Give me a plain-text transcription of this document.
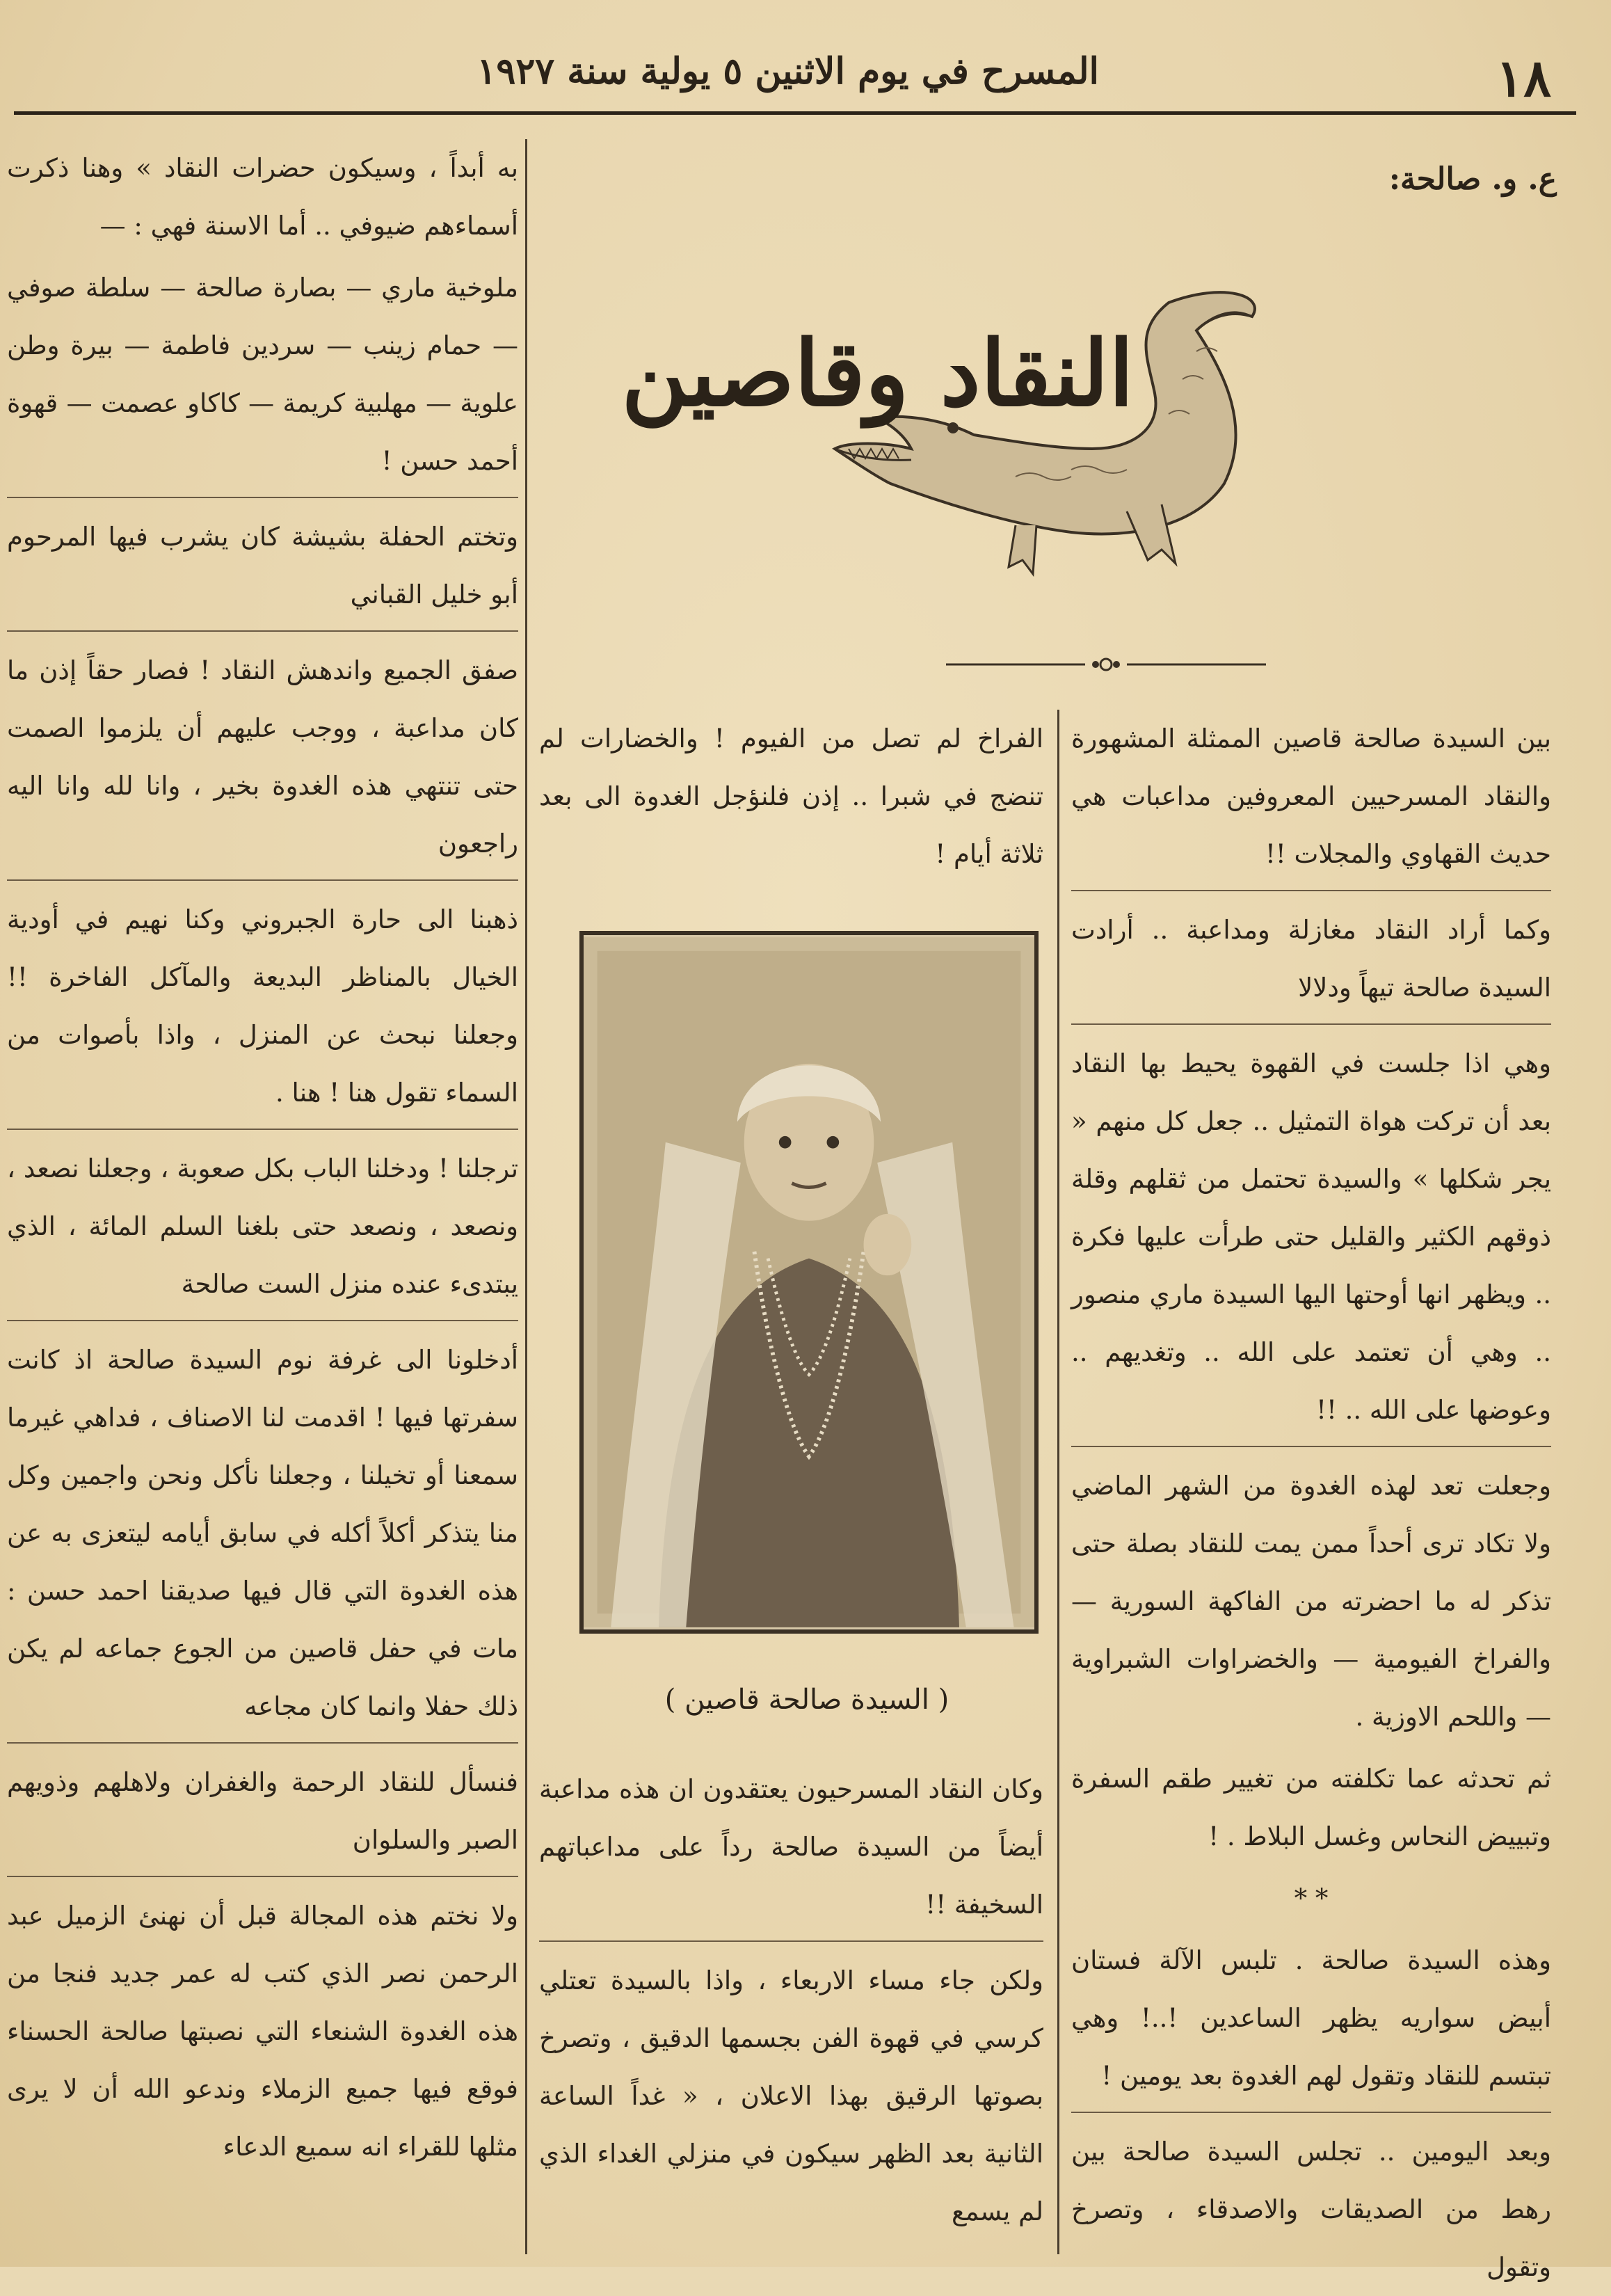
١٨
المسرح في يوم الاثنين ٥ يولية سنة ١٩٢٧
ع. و. صالحة:
النقاد وقاصين

بين السيدة صالحة قاصين الممثلة المشهورة والنقاد المسرحيين المعروفين مداعبات هي حديث القهاوي والمجلات !!

وكما أراد النقاد مغازلة ومداعبة .. أرادت السيدة صالحة تيهاً ودلالا

وهي اذا جلست في القهوة يحيط بها النقاد بعد أن تركت هواة التمثيل .. جعل كل منهم « يجر شكلها » والسيدة تحتمل من ثقلهم وقلة ذوقهم الكثير والقليل حتى طرأت عليها فكرة .. ويظهر انها أوحتها اليها السيدة ماري منصور .. وهي أن تعتمد على الله .. وتغديهم .. وعوضها على الله .. !!

وجعلت تعد لهذه الغدوة من الشهر الماضي ولا تكاد ترى أحداً ممن يمت للنقاد بصلة حتى تذكر له ما احضرته من الفاكهة السورية — والفراخ الفيومية — والخضراوات الشبراوية — واللحم الاوزية .

ثم تحدثه عما تكلفته من تغيير طقم السفرة وتبييض النحاس وغسل البلاط . !

* *

وهذه السيدة صالحة . تلبس الآلة فستان أبيض سواريه يظهر الساعدين !..! وهي تبتسم للنقاد وتقول لهم الغدوة بعد يومين !

وبعد اليومين .. تجلس السيدة صالحة بين رهط من الصديقات والاصدقاء ، وتصرخ وتقول

الفراخ لم تصل من الفيوم ! والخضارات لم تنضج في شبرا .. إذن فلنؤجل الغدوة الى بعد ثلاثة أيام !

( السيدة صالحة قاصين )

وكان النقاد المسرحيون يعتقدون ان هذه مداعبة أيضاً من السيدة صالحة رداً على مداعباتهم السخيفة !!

ولكن جاء مساء الاربعاء ، واذا بالسيدة تعتلي كرسي في قهوة الفن بجسمها الدقيق ، وتصرخ بصوتها الرقيق بهذا الاعلان ، « غداً الساعة الثانية بعد الظهر سيكون في منزلي الغداء الذي لم يسمع

به أبداً ، وسيكون حضرات النقاد » وهنا ذكرت أسماءهم ضيوفي .. أما الاسنة فهي : —

ملوخية ماري — بصارة صالحة — سلطة صوفي — حمام زينب — سردين فاطمة — بيرة وطن علوية — مهلبية كريمة — كاكاو عصمت — قهوة أحمد حسن !

وتختم الحفلة بشيشة كان يشرب فيها المرحوم أبو خليل القباني

صفق الجميع واندهش النقاد ! فصار حقاً إذن ما كان مداعبة ، ووجب عليهم أن يلزموا الصمت حتى تنتهي هذه الغدوة بخير ، وانا لله وانا اليه راجعون

ذهبنا الى حارة الجبروني وكنا نهيم في أودية الخيال بالمناظر البديعة والمآكل الفاخرة !! وجعلنا نبحث عن المنزل ، واذا بأصوات من السماء تقول هنا ! هنا .

ترجلنا ! ودخلنا الباب بكل صعوبة ، وجعلنا نصعد ، ونصعد ، ونصعد حتى بلغنا السلم المائة ، الذي يبتدىء عنده منزل الست صالحة

أدخلونا الى غرفة نوم السيدة صالحة اذ كانت سفرتها فيها ! اقدمت لنا الاصناف ، فداهي غيرما سمعنا أو تخيلنا ، وجعلنا نأكل ونحن واجمين وكل منا يتذكر أكلاً أكله في سابق أيامه ليتعزى به عن هذه الغدوة التي قال فيها صديقنا احمد حسن : مات في حفل قاصين من الجوع جماعه لم يكن ذلك حفلا وانما كان مجاعه

فنسأل للنقاد الرحمة والغفران ولاهلهم وذويهم الصبر والسلوان

ولا نختم هذه المجالة قبل أن نهنئ الزميل عبد الرحمن نصر الذي كتب له عمر جديد فنجا من هذه الغدوة الشنعاء التي نصبتها صالحة الحسناء فوقع فيها جميع الزملاء وندعو الله أن لا يرى مثلها للقراء انه سميع الدعاء
